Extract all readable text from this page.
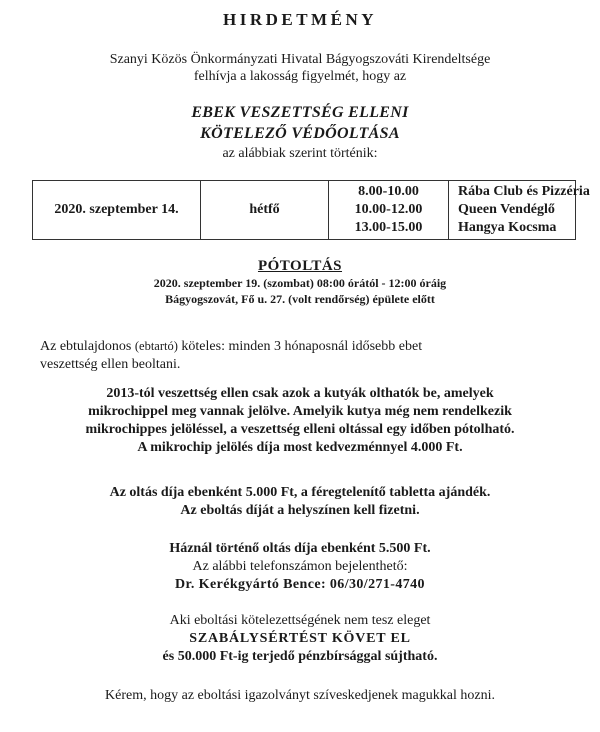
HIRDETMÉNY
Szanyi Közös Önkormányzati Hivatal Bágyogszováti Kirendeltsége
felhívja a lakosság figyelmét, hogy az
EBEK VESZETTSÉG ELLENI
KÖTELEZŐ VÉDŐOLTÁSA
az alábbiak szerint történik:
2020. szeptember 14.	hétfő
8.00-10.00
10.00-12.00
13.00-15.00
Rába Club és Pizzéria
Queen Vendéglő
Hangya Kocsma
PÓTOLTÁS
2020. szeptember 19. (szombat) 08:00 órától - 12:00 óráig
Bágyogszovát, Fő u. 27. (volt rendőrség) épülete előtt
Az ebtulajdonos (ebtartó) köteles: minden 3 hónaposnál idősebb ebet
veszettség ellen beoltani.
2013-tól veszettség ellen csak azok a kutyák olthatók be, amelyek
mikrochippel meg vannak jelölve. Amelyik kutya még nem rendelkezik
mikrochippes jelöléssel, a veszettség elleni oltással egy időben pótolható.
A mikrochip jelölés díja most kedvezménnyel 4.000 Ft.
Az oltás díja ebenként 5.000 Ft, a féregtelenítő tabletta ajándék.
Az eboltás díját a helyszínen kell fizetni.
Háznál történő oltás díja ebenként 5.500 Ft.
Az alábbi telefonszámon bejelenthető:
Dr. Kerékgyártó Bence: 06/30/271-4740
Aki eboltási kötelezettségének nem tesz eleget
SZABÁLYSÉRTÉST KÖVET EL
és 50.000 Ft-ig terjedő pénzbírsággal sújtható.
Kérem, hogy az eboltási igazolványt szíveskedjenek magukkal hozni.
